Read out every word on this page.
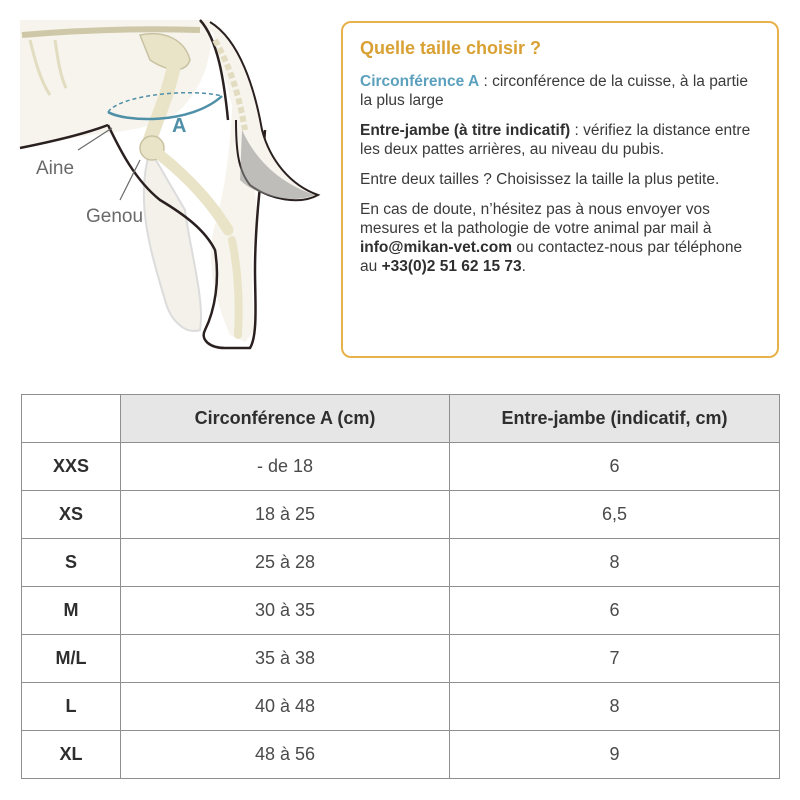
A
Aine
Genou

Quelle taille choisir ?

Circonférence A : circonférence de la cuisse, à la partie la plus large

Entre-jambe (à titre indicatif) : vérifiez la distance entre les deux pattes arrières, au niveau du pubis.

Entre deux tailles ? Choisissez la taille la plus petite.

En cas de doute, n’hésitez pas à nous envoyer vos mesures et la pathologie de votre animal par mail à info@mikan-vet.com ou contactez-nous par téléphone au +33(0)2 51 62 15 73.

	Circonférence A (cm)	Entre-jambe (indicatif, cm)
XXS	- de 18	6
XS	18 à 25	6,5
S	25 à 28	8
M	30 à 35	6
M/L	35 à 38	7
L	40 à 48	8
XL	48 à 56	9
